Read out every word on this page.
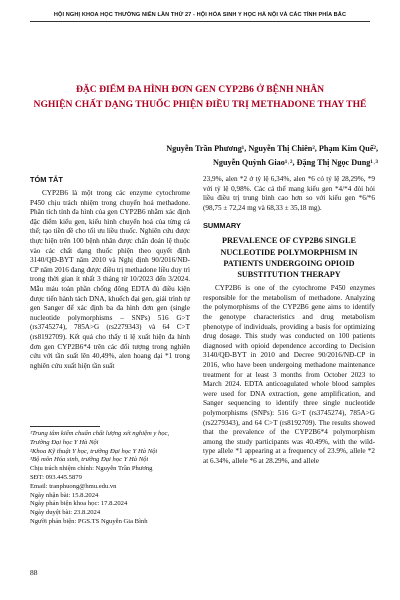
HỘI NGHỊ KHOA HỌC THƯỜNG NIÊN LẦN THỨ 27 - HỘI HÓA SINH Y HỌC HÀ NỘI VÀ CÁC TỈNH PHÍA BẮC
ĐẶC ĐIỂM ĐA HÌNH ĐƠN GEN CYP2B6 Ở BỆNH NHÂN
NGHIỆN CHẤT DẠNG THUỐC PHIỆN ĐIỀU TRỊ METHADONE THAY THẾ
Nguyễn Trần Phương¹, Nguyễn Thị Chiên², Phạm Kim Quế²,
Nguyễn Quỳnh Giao¹˒², Đặng Thị Ngọc Dung¹˒³
TÓM TẮT

CYP2B6 là một trong các enzyme cytochrome P450 chịu trách nhiệm trong chuyển hoá methadone. Phân tích tính đa hình của gen CYP2B6 nhằm xác định đặc điểm kiểu gen, kiểu hình chuyển hoá của từng cá thể; tạo tiền đề cho tối ưu liều thuốc. Nghiên cứu được thực hiện trên 100 bệnh nhân được chẩn đoán lệ thuộc vào các chất dạng thuốc phiện theo quyết định 3140/QĐ-BYT năm 2010 và Nghị định 90/2016/NĐ-CP năm 2016 đang được điều trị methadone liều duy trì trong thời gian ít nhất 3 tháng từ 10/2023 đến 3/2024. Mẫu máu toàn phần chống đông EDTA đủ điều kiện được tiến hành tách DNA, khuếch đại gen, giải trình tự gen Sanger để xác định ba đa hình đơn gen (single nucleotide polymorphisms – SNPs) 516 G>T (rs3745274), 785A>G (rs2279343) và 64 C>T (rs8192709). Kết quả cho thấy tỉ lệ xuất hiện đa hình đơn gen CYP2B6*4 trên các đối tượng trong nghiên cứu với tần suất lên 40,49%, alen hoang dại *1 trong nghiên cứu xuất hiện tần suất

23,9%, alen *2 ở tỷ lệ 6,34%, alen *6 có tỷ lệ 28,29%, *9 với tỷ lệ 0,98%. Các cá thể mang kiểu gen *4/*4 đòi hỏi liều điều trị trung bình cao hơn so với kiểu gen *6/*6 (98,75 ± 72,24 mg và 68,33 ± 35,18 mg).

SUMMARY
PREVALENCE OF CYP2B6 SINGLE NUCLEOTIDE POLYMORPHISM IN PATIENTS UNDERGOING OPIOID SUBSTITUTION THERAPY

CYP2B6 is one of the cytochrome P450 enzymes responsible for the metabolism of methadone. Analyzing the polymorphisms of the CYP2B6 gene aims to identify the genotype characteristics and drug metabolism phenotype of individuals, providing a basis for optimizing drug dosage. This study was conducted on 100 patients diagnosed with opioid dependence according to Decision 3140/QĐ-BYT in 2010 and Decree 90/2016/NĐ-CP in 2016, who have been undergoing methadone maintenance treatment for at least 3 months from October 2023 to March 2024. EDTA anticoagulated whole blood samples were used for DNA extraction, gene amplification, and Sanger sequencing to identify three single nucleotide polymorphisms (SNPs): 516 G>T (rs3745274), 785A>G (rs2279343), and 64 C>T (rs8192709). The results showed that the prevalence of the CYP2B6*4 polymorphism among the study participants was 40.49%, with the wild-type allele *1 appearing at a frequency of 23.9%, allele *2 at 6.34%, allele *6 at 28.29%, and allele

¹Trung tâm kiểm chuẩn chất lượng xét nghiệm y học, Trường Đại học Y Hà Nội
²Khoa Kỹ thuật Y học, trường Đại học Y Hà Nội
³Bộ môn Hóa sinh, trường Đại học Y Hà Nội
Chịu trách nhiệm chính: Nguyễn Trần Phương
SĐT: 093.445.5879
Email: tranphuong@hmu.edu.vn
Ngày nhận bài: 15.8.2024
Ngày phản biện khoa học: 17.8.2024
Ngày duyệt bài: 23.8.2024
Người phản biện: PGS.TS Nguyễn Gia Bình
88
